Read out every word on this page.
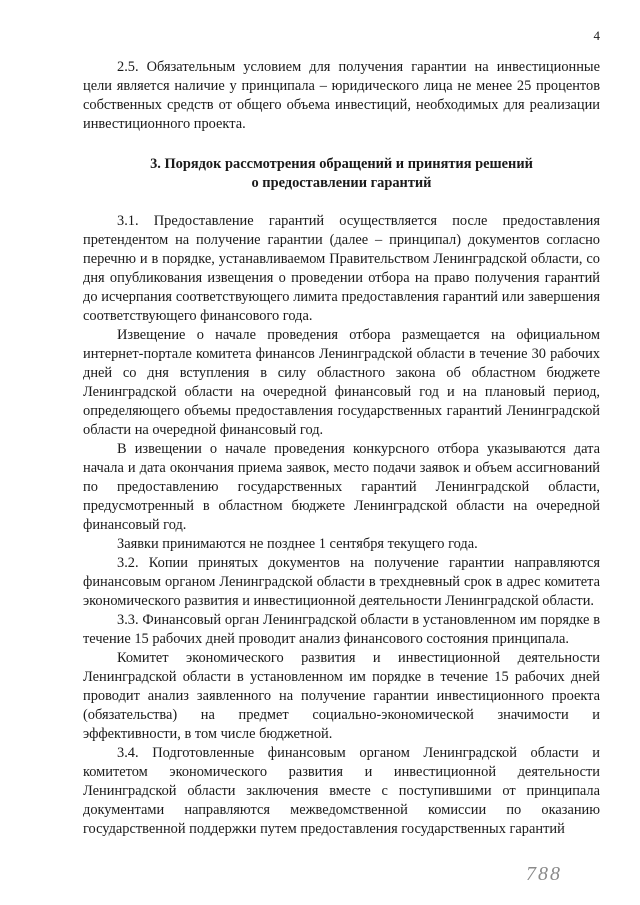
4

2.5. Обязательным условием для получения гарантии на инвестиционные цели является наличие у принципала – юридического лица не менее 25 процентов собственных средств от общего объема инвестиций, необходимых для реализации инвестиционного проекта.

3. Порядок рассмотрения обращений и принятия решений
о предоставлении гарантий

3.1. Предоставление гарантий осуществляется после предоставления претендентом на получение гарантии (далее – принципал) документов согласно перечню и в порядке, устанавливаемом Правительством Ленинградской области, со дня опубликования извещения о проведении отбора на право получения гарантий до исчерпания соответствующего лимита предоставления гарантий или завершения соответствующего финансового года.

Извещение о начале проведения отбора размещается на официальном интернет-портале комитета финансов Ленинградской области в течение 30 рабочих дней со дня вступления в силу областного закона об областном бюджете Ленинградской области на очередной финансовый год и на плановый период, определяющего объемы предоставления государственных гарантий Ленинградской области на очередной финансовый год.

В извещении о начале проведения конкурсного отбора указываются дата начала и дата окончания приема заявок, место подачи заявок и объем ассигнований по предоставлению государственных гарантий Ленинградской области, предусмотренный в областном бюджете Ленинградской области на очередной финансовый год.

Заявки принимаются не позднее 1 сентября текущего года.

3.2. Копии принятых документов на получение гарантии направляются финансовым органом Ленинградской области в трехдневный срок в адрес комитета экономического развития и инвестиционной деятельности Ленинградской области.

3.3. Финансовый орган Ленинградской области в установленном им порядке в течение 15 рабочих дней проводит анализ финансового состояния принципала.

Комитет экономического развития и инвестиционной деятельности Ленинградской области в установленном им порядке в течение 15 рабочих дней проводит анализ заявленного на получение гарантии инвестиционного проекта (обязательства) на предмет социально-экономической значимости и эффективности, в том числе бюджетной.

3.4. Подготовленные финансовым органом Ленинградской области и комитетом экономического развития и инвестиционной деятельности Ленинградской области заключения вместе с поступившими от принципала документами направляются межведомственной комиссии по оказанию государственной поддержки путем предоставления государственных гарантий

788
